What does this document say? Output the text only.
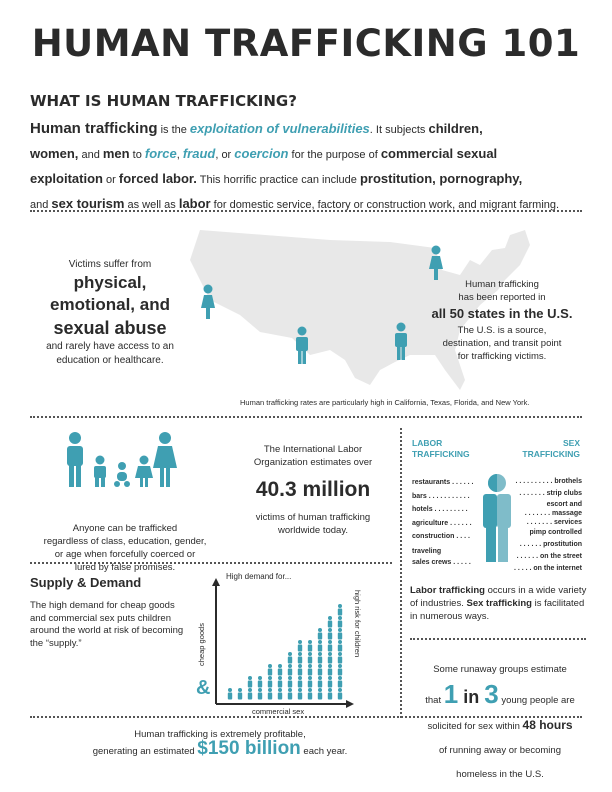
HUMAN TRAFFICKING 101
WHAT IS HUMAN TRAFFICKING?
Human trafficking is the exploitation of vulnerabilities. It subjects children,
women, and men to force, fraud, or coercion for the purpose of commercial sexual
exploitation or forced labor. This horrific practice can include prostitution, pornography,
and sex tourism as well as labor for domestic service, factory or construction work, and migrant farming.
Victims suffer from
physical,
emotional, and
sexual abuse
and rarely have access to an
education or healthcare.
Human trafficking
has been reported in
all 50 states in the U.S.
The U.S. is a source,
destination, and transit point
for trafficking victims.
Human trafficking rates are particularly high in California, Texas, Florida, and New York.
Anyone can be trafficked
regardless of class, education, gender,
or age when forcefully coerced or
lured by false promises.
The International Labor
Organization estimates over
40.3 million
victims of human trafficking
worldwide today.
LABOR
TRAFFICKING
SEX
TRAFFICKING
restaurants . . . . . .
bars . . . . . . . . . . .
hotels . . . . . . . . .
agriculture . . . . . .
construction . . . .
traveling
sales crews . . . . .
. . . . . . . . . . brothels
. . . . . . . strip clubs
escort and
. . . . . . . massage
. . . . . . . services
pimp controlled
. . . . . . prostitution
. . . . . . on the street
. . . . . on the internet
Labor trafficking occurs in a wide variety of industries. Sex trafficking is facilitated in numerous ways.
Some runaway groups estimate
that 1 in 3 young people are
solicited for sex within 48 hours
of running away or becoming
homeless in the U.S.
Supply & Demand
The high demand for cheap goods and commercial sex puts children around the world at risk of becoming the “supply.”
High demand for...
cheap goods
commercial sex
high risk for children
&
Human trafficking is extremely profitable,
generating an estimated $150 billion each year.
